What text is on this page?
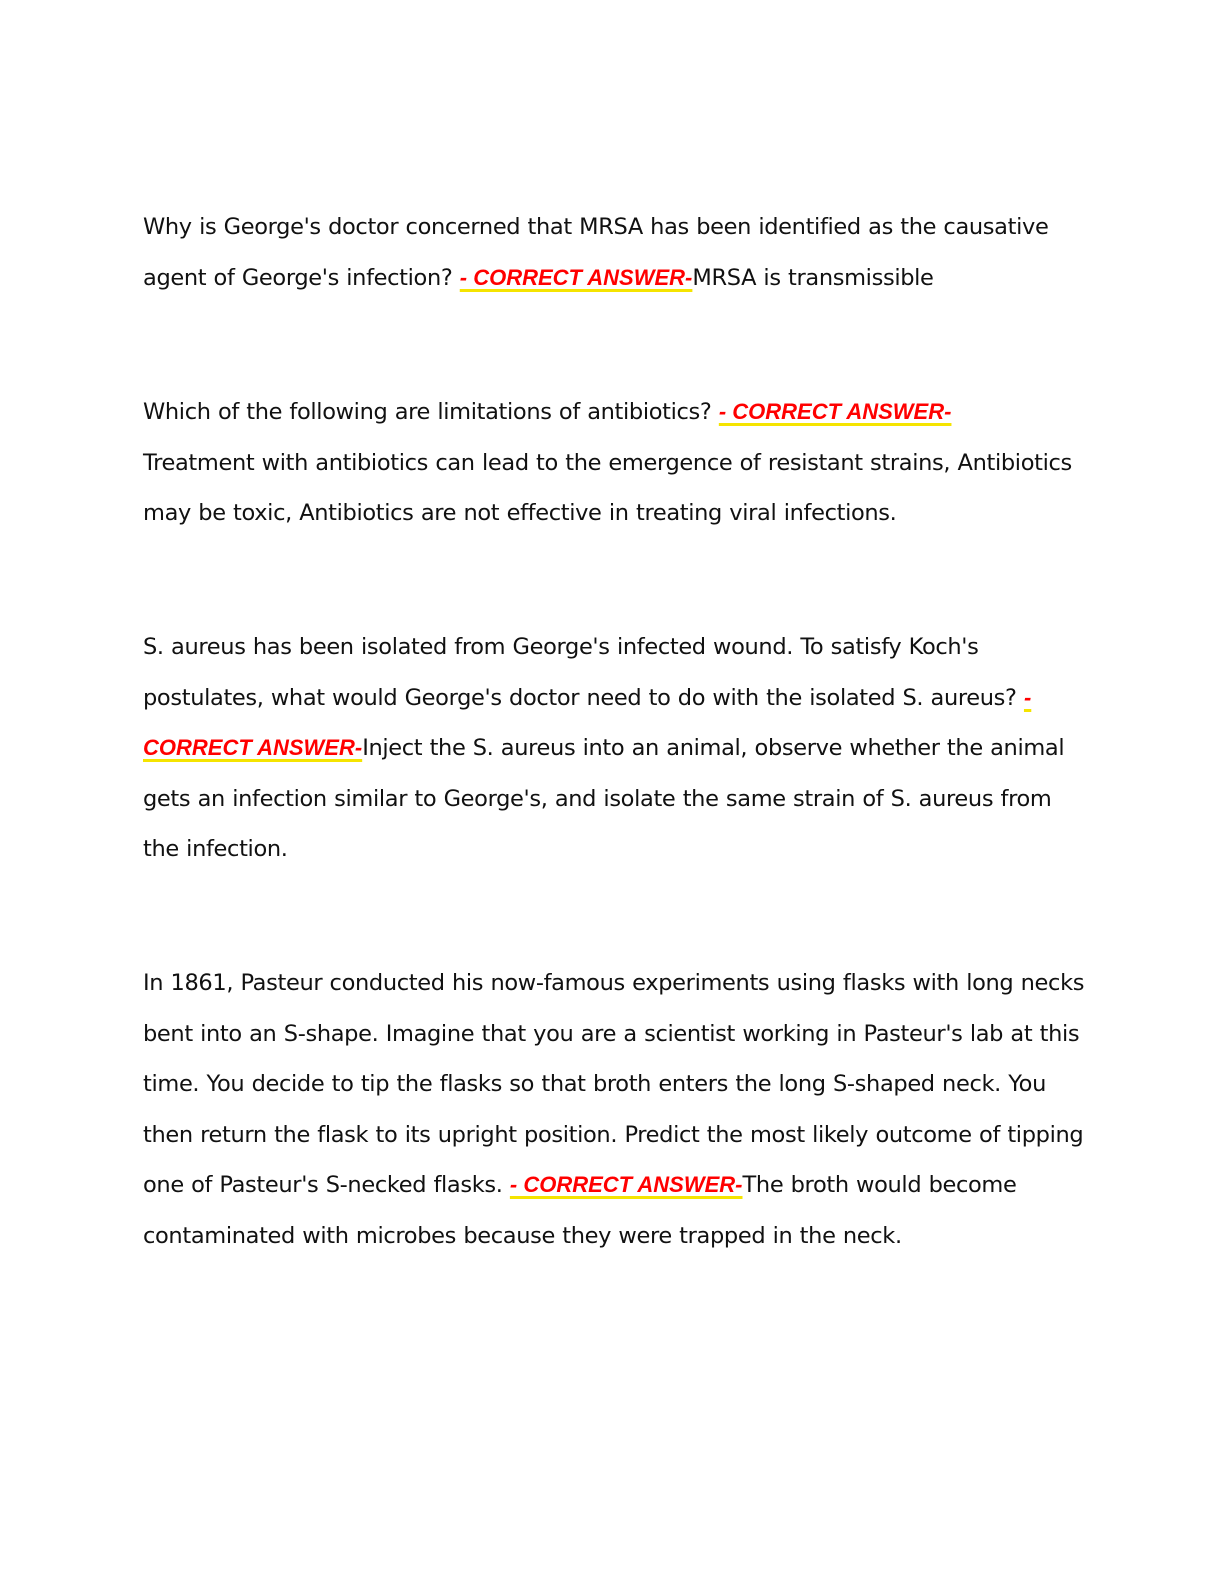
Why is George's doctor concerned that MRSA has been identified as the causative agent of George's infection? - CORRECT ANSWER-MRSA is transmissible

Which of the following are limitations of antibiotics? - CORRECT ANSWER-
Treatment with antibiotics can lead to the emergence of resistant strains, Antibiotics may be toxic, Antibiotics are not effective in treating viral infections.

S. aureus has been isolated from George's infected wound. To satisfy Koch's postulates, what would George's doctor need to do with the isolated S. aureus? - CORRECT ANSWER-Inject the S. aureus into an animal, observe whether the animal gets an infection similar to George's, and isolate the same strain of S. aureus from the infection.

In 1861, Pasteur conducted his now-famous experiments using flasks with long necks bent into an S-shape. Imagine that you are a scientist working in Pasteur's lab at this time. You decide to tip the flasks so that broth enters the long S-shaped neck. You then return the flask to its upright position. Predict the most likely outcome of tipping one of Pasteur's S-necked flasks. - CORRECT ANSWER-The broth would become contaminated with microbes because they were trapped in the neck.
